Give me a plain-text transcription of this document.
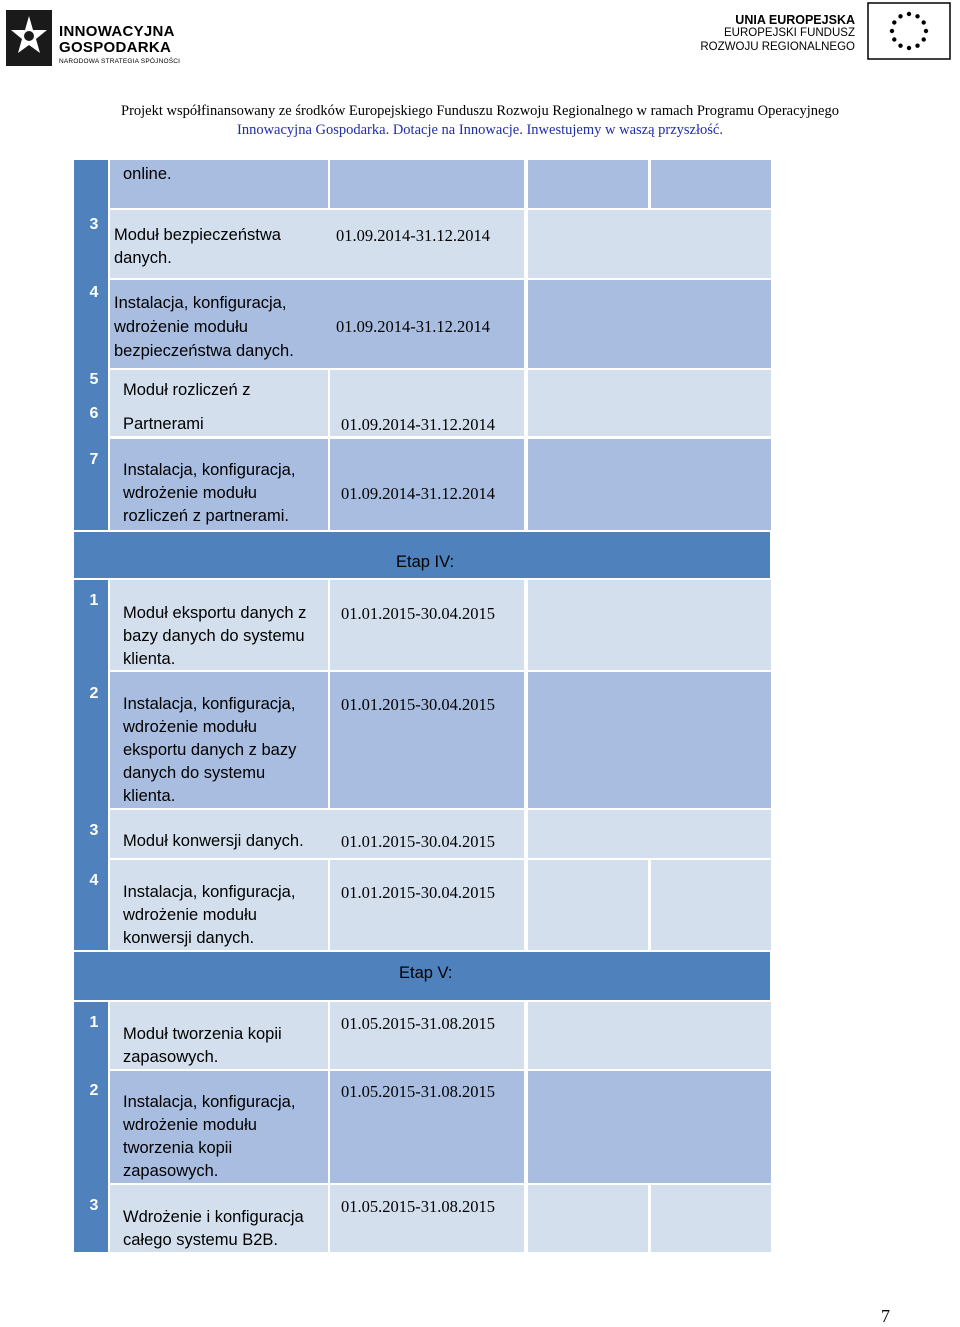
INNOWACYJNA
GOSPODARKA
NARODOWA STRATEGIA SPÓJNOŚCI
UNIA EUROPEJSKA
EUROPEJSKI FUNDUSZ
ROZWOJU REGIONALNEGO
Projekt współfinansowany ze środków Europejskiego Funduszu Rozwoju Regionalnego w ramach Programu Operacyjnego
Innowacyjna Gospodarka. Dotacje na Innowacje. Inwestujemy w waszą przyszłość.
online.
3
Moduł bezpieczeństwa
danych.
01.09.2014-31.12.2014
4
Instalacja, konfiguracja,
wdrożenie modułu
bezpieczeństwa danych.
01.09.2014-31.12.2014
5
6
Moduł rozliczeń z
Partnerami	01.09.2014-31.12.2014
7
Instalacja, konfiguracja,
wdrożenie modułu
rozliczeń z partnerami.
01.09.2014-31.12.2014
Etap IV:
1
Moduł eksportu danych z
bazy danych do systemu
klienta.
01.01.2015-30.04.2015
2
Instalacja, konfiguracja,
wdrożenie modułu
eksportu danych z bazy
danych do systemu
klienta.
01.01.2015-30.04.2015
3
Moduł konwersji danych. 01.01.2015-30.04.2015
4
Instalacja, konfiguracja,
wdrożenie modułu
konwersji danych.
01.01.2015-30.04.2015
Etap V:
1
Moduł tworzenia kopii
zapasowych.
01.05.2015-31.08.2015
2
Instalacja, konfiguracja,
wdrożenie modułu
tworzenia kopii
zapasowych.
01.05.2015-31.08.2015
3
Wdrożenie i konfiguracja
całego systemu B2B.
01.05.2015-31.08.2015
7
